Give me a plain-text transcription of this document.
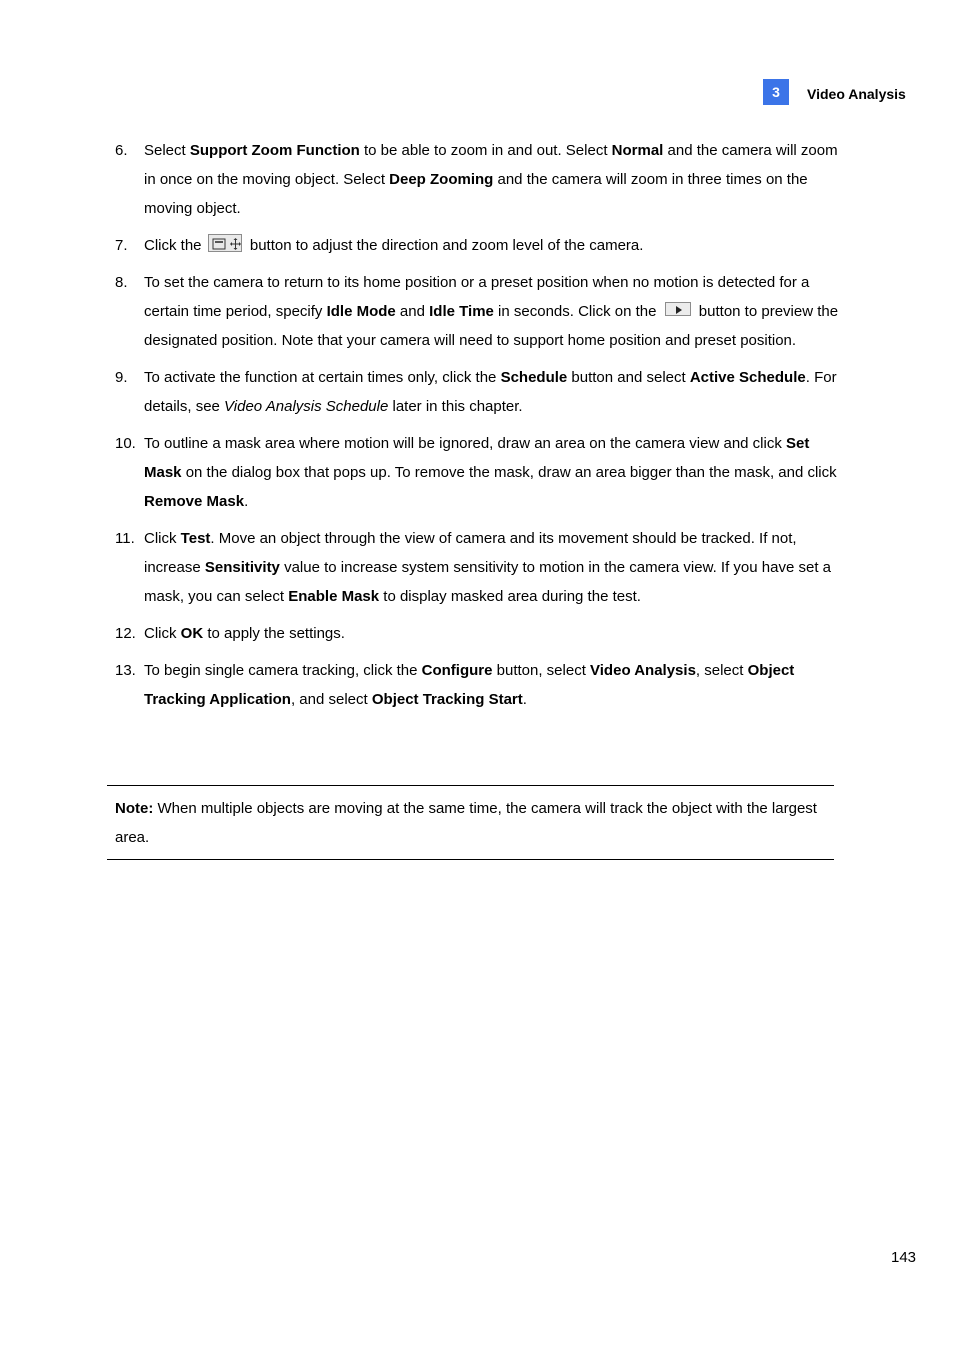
3	Video Analysis
6. Select Support Zoom Function to be able to zoom in and out. Select Normal and the camera will zoom in once on the moving object. Select Deep Zooming and the camera will zoom in three times on the moving object.
7. Click the	button to adjust the direction and zoom level of the camera.
8. To set the camera to return to its home position or a preset position when no motion is detected for a certain time period, specify Idle Mode and Idle Time in seconds. Click on the
button to preview the designated position. Note that your camera will need to support home position and preset position.
9. To activate the function at certain times only, click the Schedule button and select Active Schedule. For details, see Video Analysis Schedule later in this chapter.
10. To outline a mask area where motion will be ignored, draw an area on the camera view and click Set Mask on the dialog box that pops up. To remove the mask, draw an area bigger than the mask, and click Remove Mask.
11. Click Test. Move an object through the view of camera and its movement should be tracked. If not, increase Sensitivity value to increase system sensitivity to motion in the camera view. If you have set a mask, you can select Enable Mask to display masked area during the test.
12. Click OK to apply the settings.
13. To begin single camera tracking, click the Configure button, select Video Analysis, select Object Tracking Application, and select Object Tracking Start.
Note: When multiple objects are moving at the same time, the camera will track the object with the largest area.
143
